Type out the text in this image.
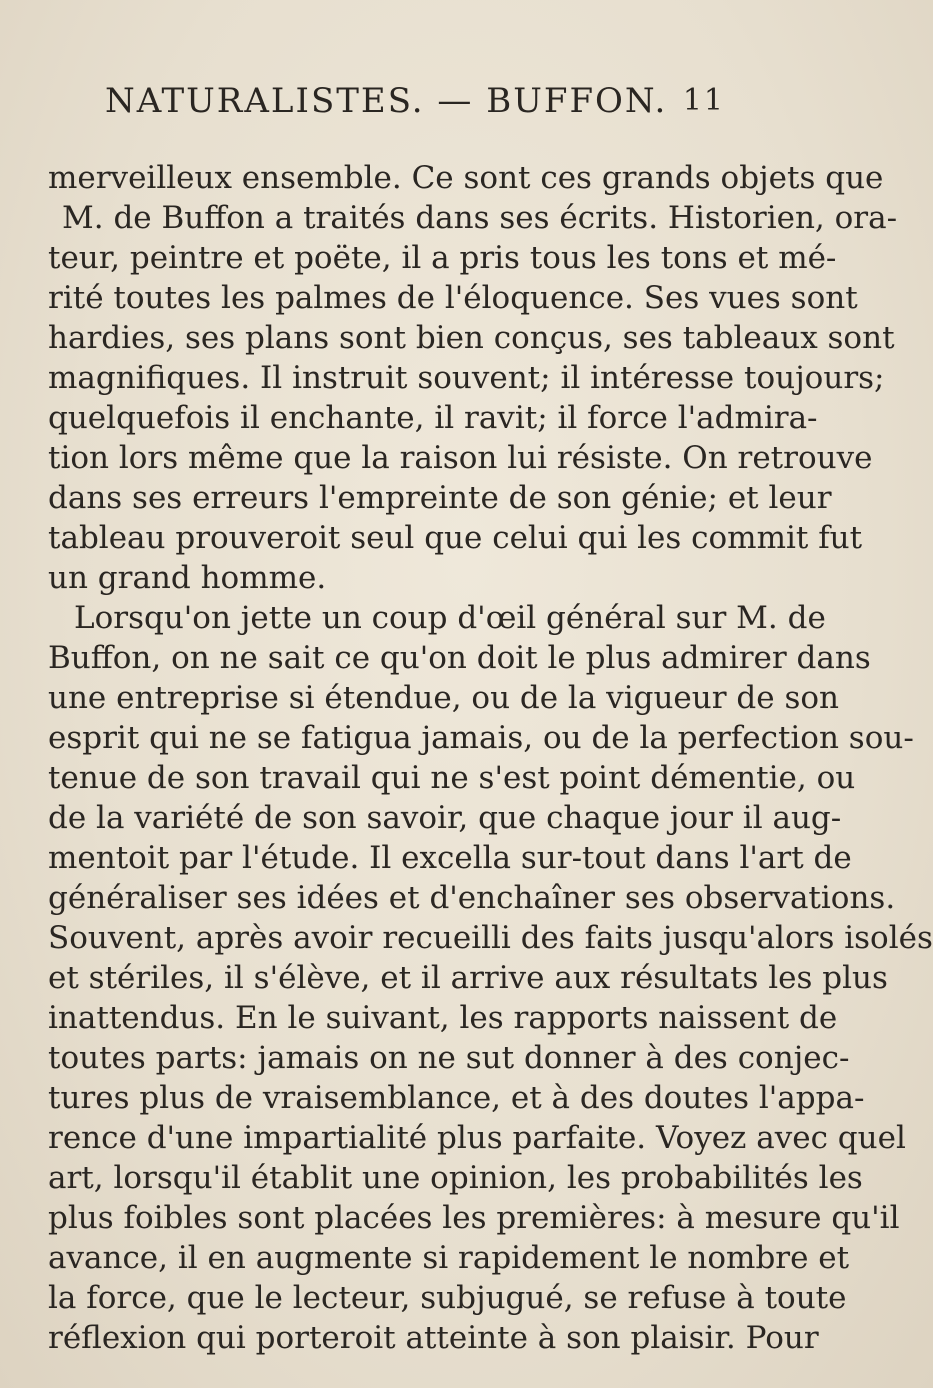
NATURALISTES. — BUFFON. 11
merveilleux ensemble. Ce sont ces grands objets que
M. de Buffon a traités dans ses écrits. Historien, ora-
teur, peintre et poëte, il a pris tous les tons et mé-
rité toutes les palmes de l'éloquence. Ses vues sont
hardies, ses plans sont bien conçus, ses tableaux sont
magnifiques. Il instruit souvent; il intéresse toujours;
quelquefois il enchante, il ravit; il force l'admira-
tion lors même que la raison lui résiste. On retrouve
dans ses erreurs l'empreinte de son génie; et leur
tableau prouveroit seul que celui qui les commit fut
un grand homme.
Lorsqu'on jette un coup d'œil général sur M. de
Buffon, on ne sait ce qu'on doit le plus admirer dans
une entreprise si étendue, ou de la vigueur de son
esprit qui ne se fatigua jamais, ou de la perfection sou-
tenue de son travail qui ne s'est point démentie, ou
de la variété de son savoir, que chaque jour il aug-
mentoit par l'étude. Il excella sur-tout dans l'art de
généraliser ses idées et d'enchaîner ses observations.
Souvent, après avoir recueilli des faits jusqu'alors isolés
et stériles, il s'élève, et il arrive aux résultats les plus
inattendus. En le suivant, les rapports naissent de
toutes parts: jamais on ne sut donner à des conjec-
tures plus de vraisemblance, et à des doutes l'appa-
rence d'une impartialité plus parfaite. Voyez avec quel
art, lorsqu'il établit une opinion, les probabilités les
plus foibles sont placées les premières: à mesure qu'il
avance, il en augmente si rapidement le nombre et
la force, que le lecteur, subjugué, se refuse à toute
réflexion qui porteroit atteinte à son plaisir. Pour
